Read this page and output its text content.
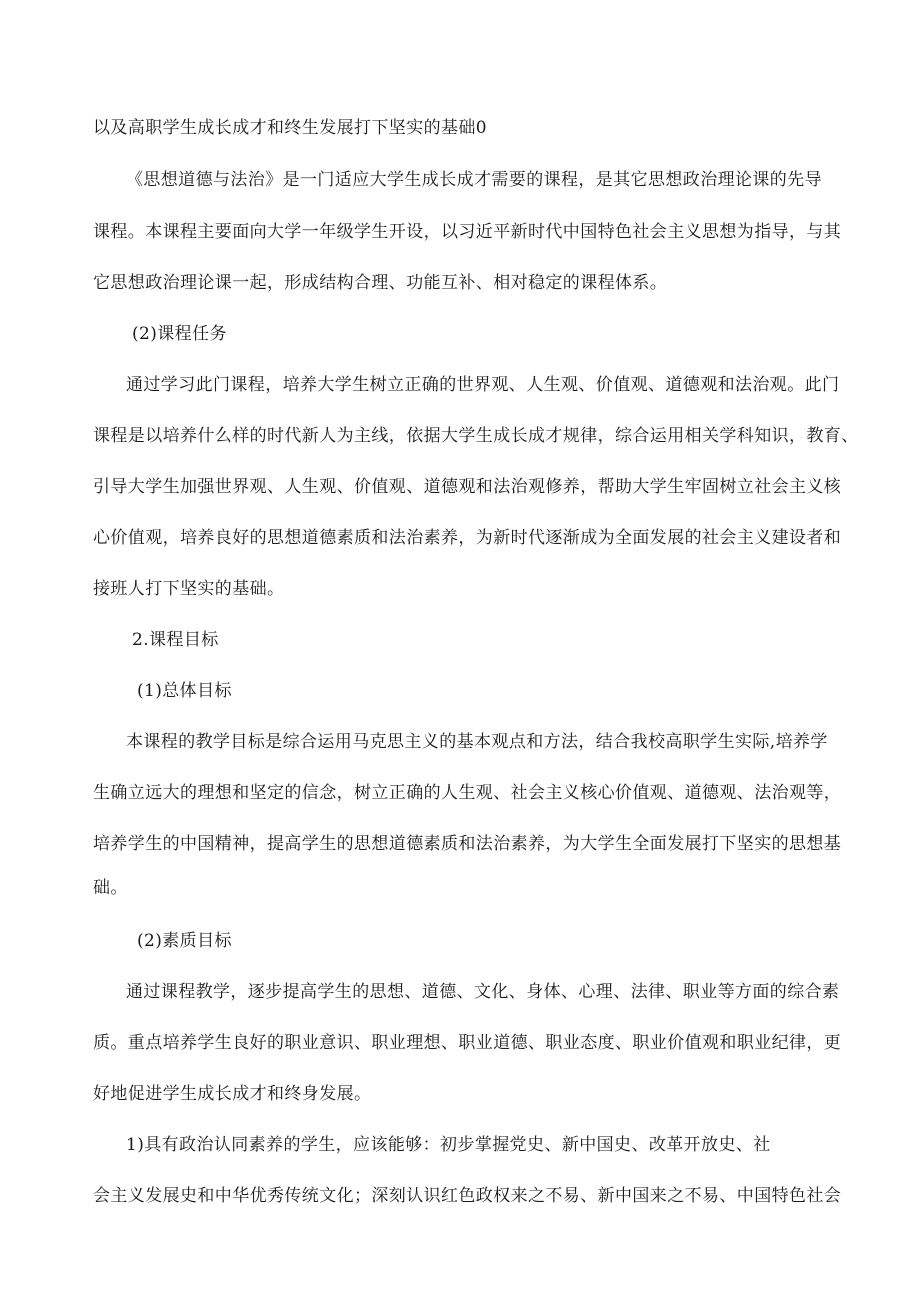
以及高职学生成长成才和终生发展打下坚实的基础0
《思想道德与法治》是一门适应大学生成长成才需要的课程，是其它思想政治理论课的先导
课程。本课程主要面向大学一年级学生开设，以习近平新时代中国特色社会主义思想为指导，与其
它思想政治理论课一起，形成结构合理、功能互补、相对稳定的课程体系。
(2)课程任务
通过学习此门课程，培养大学生树立正确的世界观、人生观、价值观、道德观和法治观。此门
课程是以培养什么样的时代新人为主线，依据大学生成长成才规律，综合运用相关学科知识，教育、
引导大学生加强世界观、人生观、价值观、道德观和法治观修养，帮助大学生牢固树立社会主义核
心价值观，培养良好的思想道德素质和法治素养，为新时代逐渐成为全面发展的社会主义建设者和
接班人打下坚实的基础。
2.课程目标
(1)总体目标
本课程的教学目标是综合运用马克思主义的基本观点和方法，结合我校高职学生实际,培养学
生确立远大的理想和坚定的信念，树立正确的人生观、社会主义核心价值观、道德观、法治观等，
培养学生的中国精神，提高学生的思想道德素质和法治素养，为大学生全面发展打下坚实的思想基
础。
(2)素质目标
通过课程教学，逐步提高学生的思想、道德、文化、身体、心理、法律、职业等方面的综合素
质。重点培养学生良好的职业意识、职业理想、职业道德、职业态度、职业价值观和职业纪律，更
好地促进学生成长成才和终身发展。
1)具有政治认同素养的学生，应该能够：初步掌握党史、新中国史、改革开放史、社
会主义发展史和中华优秀传统文化；深刻认识红色政权来之不易、新中国来之不易、中国特色社会
